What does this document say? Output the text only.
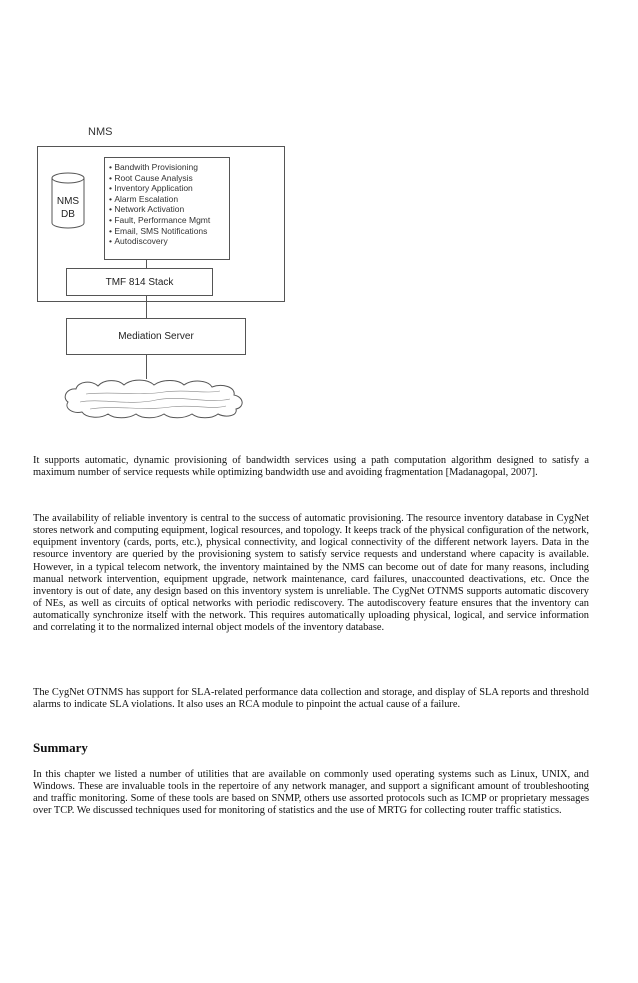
NMS
NMS
DB
• Bandwith Provisioning
• Root Cause Analysis
• Inventory Application
• Alarm Escalation
• Network Activation
• Fault, Performance Mgmt
• Email, SMS Notifications
• Autodiscovery
TMF 814 Stack
Mediation Server

It supports automatic, dynamic provisioning of bandwidth services using a path computation algorithm designed to satisfy a maximum number of service requests while optimizing bandwidth use and avoiding fragmentation [Madanagopal, 2007].

The availability of reliable inventory is central to the success of automatic provisioning. The resource inventory database in CygNet stores network and computing equipment, logical resources, and topology. It keeps track of the physical configuration of the network, equipment inventory (cards, ports, etc.), physical connectivity, and logical connectivity of the different network layers. Data in the resource inventory are queried by the provisioning system to satisfy service requests and understand where capacity is available. However, in a typical telecom network, the inventory maintained by the NMS can become out of date for many reasons, including manual network intervention, equipment upgrade, network maintenance, card failures, unaccounted deactivations, etc. Once the inventory is out of date, any design based on this inventory system is unreliable. The CygNet OTNMS supports automatic discovery of NEs, as well as circuits of optical networks with periodic rediscovery. The autodiscovery feature ensures that the inventory can automatically synchronize itself with the network. This requires automatically uploading physical, logical, and service information and correlating it to the normalized internal object models of the inventory database.

The CygNet OTNMS has support for SLA-related performance data collection and storage, and display of SLA reports and threshold alarms to indicate SLA violations. It also uses an RCA module to pinpoint the actual cause of a failure.

Summary

In this chapter we listed a number of utilities that are available on commonly used operating systems such as Linux, UNIX, and Windows. These are invaluable tools in the repertoire of any network manager, and support a significant amount of troubleshooting and traffic monitoring. Some of these tools are based on SNMP, others use assorted protocols such as ICMP or proprietary messages over TCP. We discussed techniques used for monitoring of statistics and the use of MRTG for collecting router traffic statistics.
